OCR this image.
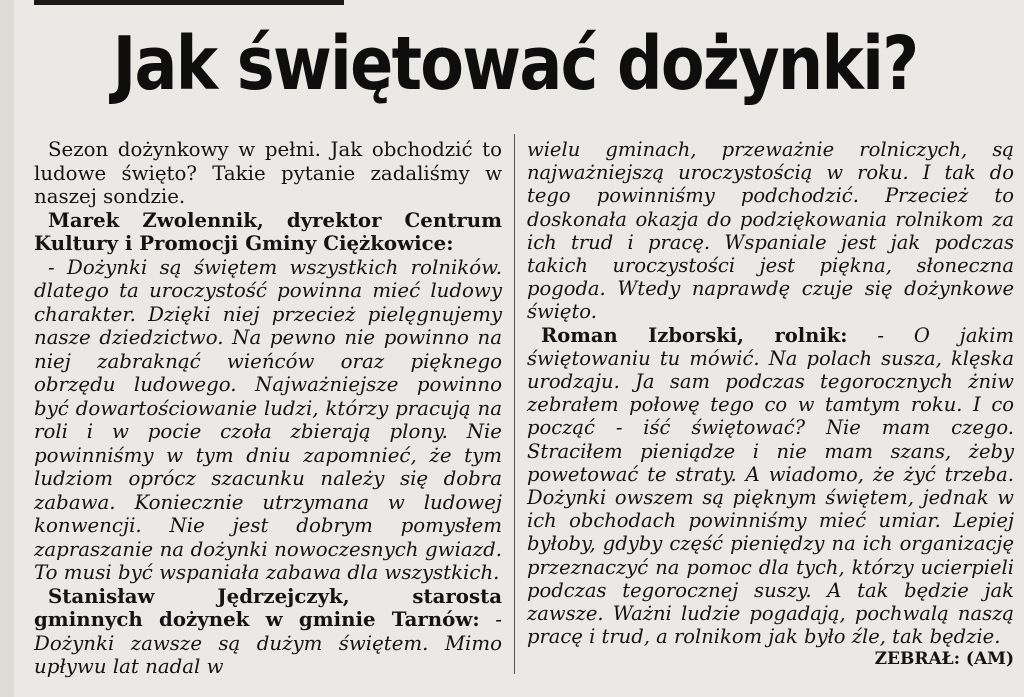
Jak świętować dożynki?

Sezon dożynkowy w pełni. Jak obchodzić to ludowe święto? Takie pytanie zadaliśmy w naszej sondzie.

Marek Zwolennik, dyrektor Centrum Kultury i Promocji Gminy Ciężkowice:

- Dożynki są świętem wszystkich rolników. dlatego ta uroczystość powinna mieć ludowy charakter. Dzięki niej przecież pielęgnujemy nasze dziedzictwo. Na pewno nie powinno na niej zabraknąć wieńców oraz pięknego obrzędu ludowego. Najważniejsze powinno być dowartościowanie ludzi, którzy pracują na roli i w pocie czoła zbierają plony. Nie powinniśmy w tym dniu zapomnieć, że tym ludziom oprócz szacunku należy się dobra zabawa. Koniecznie utrzymana w ludowej konwencji. Nie jest dobrym pomysłem zapraszanie na dożynki nowoczesnych gwiazd. To musi być wspaniała zabawa dla wszystkich.

Stanisław Jędrzejczyk, starosta gminnych dożynek w gminie Tarnów: - Dożynki zawsze są dużym świętem. Mimo upływu lat nadal w

wielu gminach, przeważnie rolniczych, są najważniejszą uroczystością w roku. I tak do tego powinniśmy podchodzić. Przecież to doskonała okazja do podziękowania rolnikom za ich trud i pracę. Wspaniale jest jak podczas takich uroczystości jest piękna, słoneczna pogoda. Wtedy naprawdę czuje się dożynkowe święto.

Roman Izborski, rolnik: - O jakim świętowaniu tu mówić. Na polach susza, klęska urodzaju. Ja sam podczas tegorocznych żniw zebrałem połowę tego co w tamtym roku. I co począć - iść świętować? Nie mam czego. Straciłem pieniądze i nie mam szans, żeby powetować te straty. A wiadomo, że żyć trzeba. Dożynki owszem są pięknym świętem, jednak w ich obchodach powinniśmy mieć umiar. Lepiej byłoby, gdyby część pieniędzy na ich organizację przeznaczyć na pomoc dla tych, którzy ucierpieli podczas tegorocznej suszy. A tak będzie jak zawsze. Ważni ludzie pogadają, pochwalą naszą pracę i trud, a rolnikom jak było źle, tak będzie.

ZEBRAŁ: (AM)
